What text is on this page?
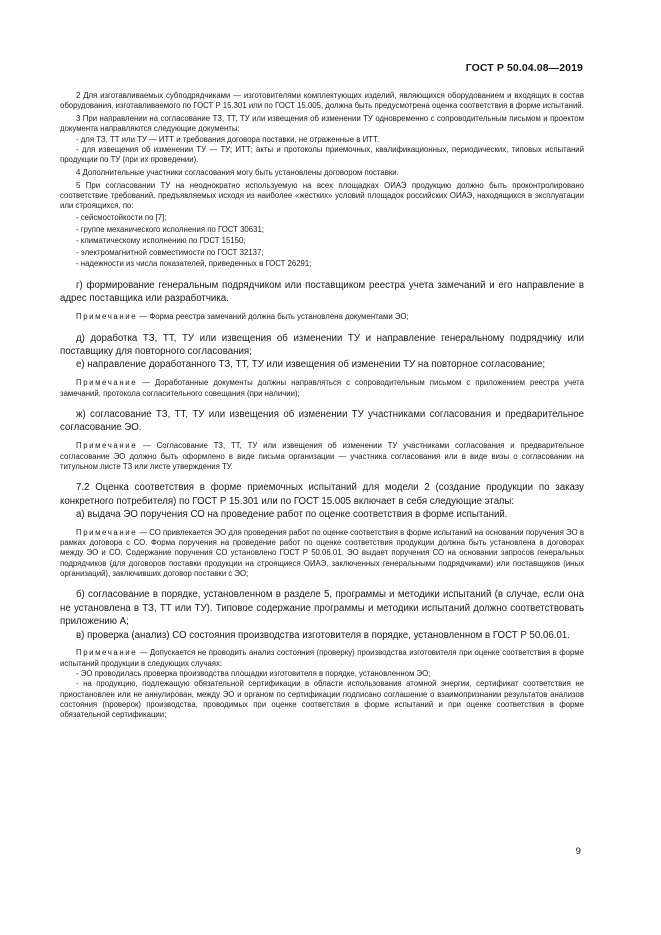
ГОСТ Р 50.04.08—2019

2 Для изготавливаемых субподрядчиками — изготовителями комплектующих изделий, являющихся оборудованием и входящих в состав оборудования, изготавливаемого по ГОСТ Р 15.301 или по ГОСТ 15.005, должна быть предусмотрена оценка соответствия в форме испытаний.

3 При направлении на согласование ТЗ, ТТ, ТУ или извещения об изменении ТУ одновременно с сопроводительным письмом и проектом документа направляются следующие документы:

- для ТЗ, ТТ или ТУ — ИТТ и требования договора поставки, не отраженные в ИТТ.

- для извещения об изменении ТУ — ТУ; ИТТ; акты и протоколы приемочных, квалификационных, периодических, типовых испытаний продукции по ТУ (при их проведении).

4 Дополнительные участники согласования могу быть установлены договором поставки.

5 При согласовании ТУ на неоднократно используемую на всех площадках ОИАЭ продукцию должно быть проконтролировано соответствие требований, предъявляемых исходя из наиболее «жестких» условий площадок российских ОИАЭ, находящихся в эксплуатации или строящихся, по:

- сейсмостойкости по [7];

- группе механического исполнения по ГОСТ 30631;

- климатическому исполнению по ГОСТ 15150;

- электромагнитной совместимости по ГОСТ 32137;

- надежности из числа показателей, приведенных в ГОСТ 26291;

г) формирование генеральным подрядчиком или поставщиком реестра учета замечаний и его направление в адрес поставщика или разработчика.

Примечание — Форма реестра замечаний должна быть установлена документами ЭО;

д) доработка ТЗ, ТТ, ТУ или извещения об изменении ТУ и направление генеральному подрядчику или поставщику для повторного согласования;

е) направление доработанного ТЗ, ТТ, ТУ или извещения об изменении ТУ на повторное согласование;

Примечание — Доработанные документы должны направляться с сопроводительным письмом с приложением реестра учета замечаний, протокола согласительного совещания (при наличии);

ж) согласование ТЗ, ТТ, ТУ или извещения об изменении ТУ участниками согласования и предварительное согласование ЭО.

Примечание — Согласование ТЗ, ТТ, ТУ или извещения об изменении ТУ участниками согласования и предварительное согласование ЭО должно быть оформлено в виде письма организации — участника согласования или в виде визы о согласовании на титульном листе ТЗ или листе утверждения ТУ.

7.2 Оценка соответствия в форме приемочных испытаний для модели 2 (создание продукции по заказу конкретного потребителя) по ГОСТ Р 15.301 или по ГОСТ 15.005 включает в себя следующие этапы:

а) выдача ЭО поручения СО на проведение работ по оценке соответствия в форме испытаний.

Примечание — СО привлекается ЭО для проведения работ по оценке соответствия в форме испытаний на основании поручения ЭО в рамках договора с СО. Форма поручения на проведение работ по оценке соответствия продукции должна быть установлена в договорах между ЭО и СО. Содержание поручения СО установлено ГОСТ Р 50.06.01. ЭО выдает поручения СО на основании запросов генеральных подрядчиков (для договоров поставки продукции на строящиеся ОИАЭ, заключенных генеральными подрядчиками) или поставщиков (иных организаций), заключивших договор поставки с ЭО;

б) согласование в порядке, установленном в разделе 5, программы и методики испытаний (в случае, если она не установлена в ТЗ, ТТ или ТУ). Типовое содержание программы и методики испытаний должно соответствовать приложению А;

в) проверка (анализ) СО состояния производства изготовителя в порядке, установленном в ГОСТ Р 50.06.01.

Примечание — Допускается не проводить анализ состояния (проверку) производства изготовителя при оценке соответствия в форме испытаний продукции в следующих случаях:

- ЭО проводилась проверка производства площадки изготовителя в порядке, установленном ЭО;

- на продукцию, подлежащую обязательной сертификации в области использования атомной энергии, сертификат соответствия не приостановлен или не аннулирован, между ЭО и органом по сертификации подписано соглашение о взаимопризнании результатов анализов состояния (проверок) производства, проводимых при оценке соответствия в форме испытаний и при оценке соответствия в форме обязательной сертификации;

9
